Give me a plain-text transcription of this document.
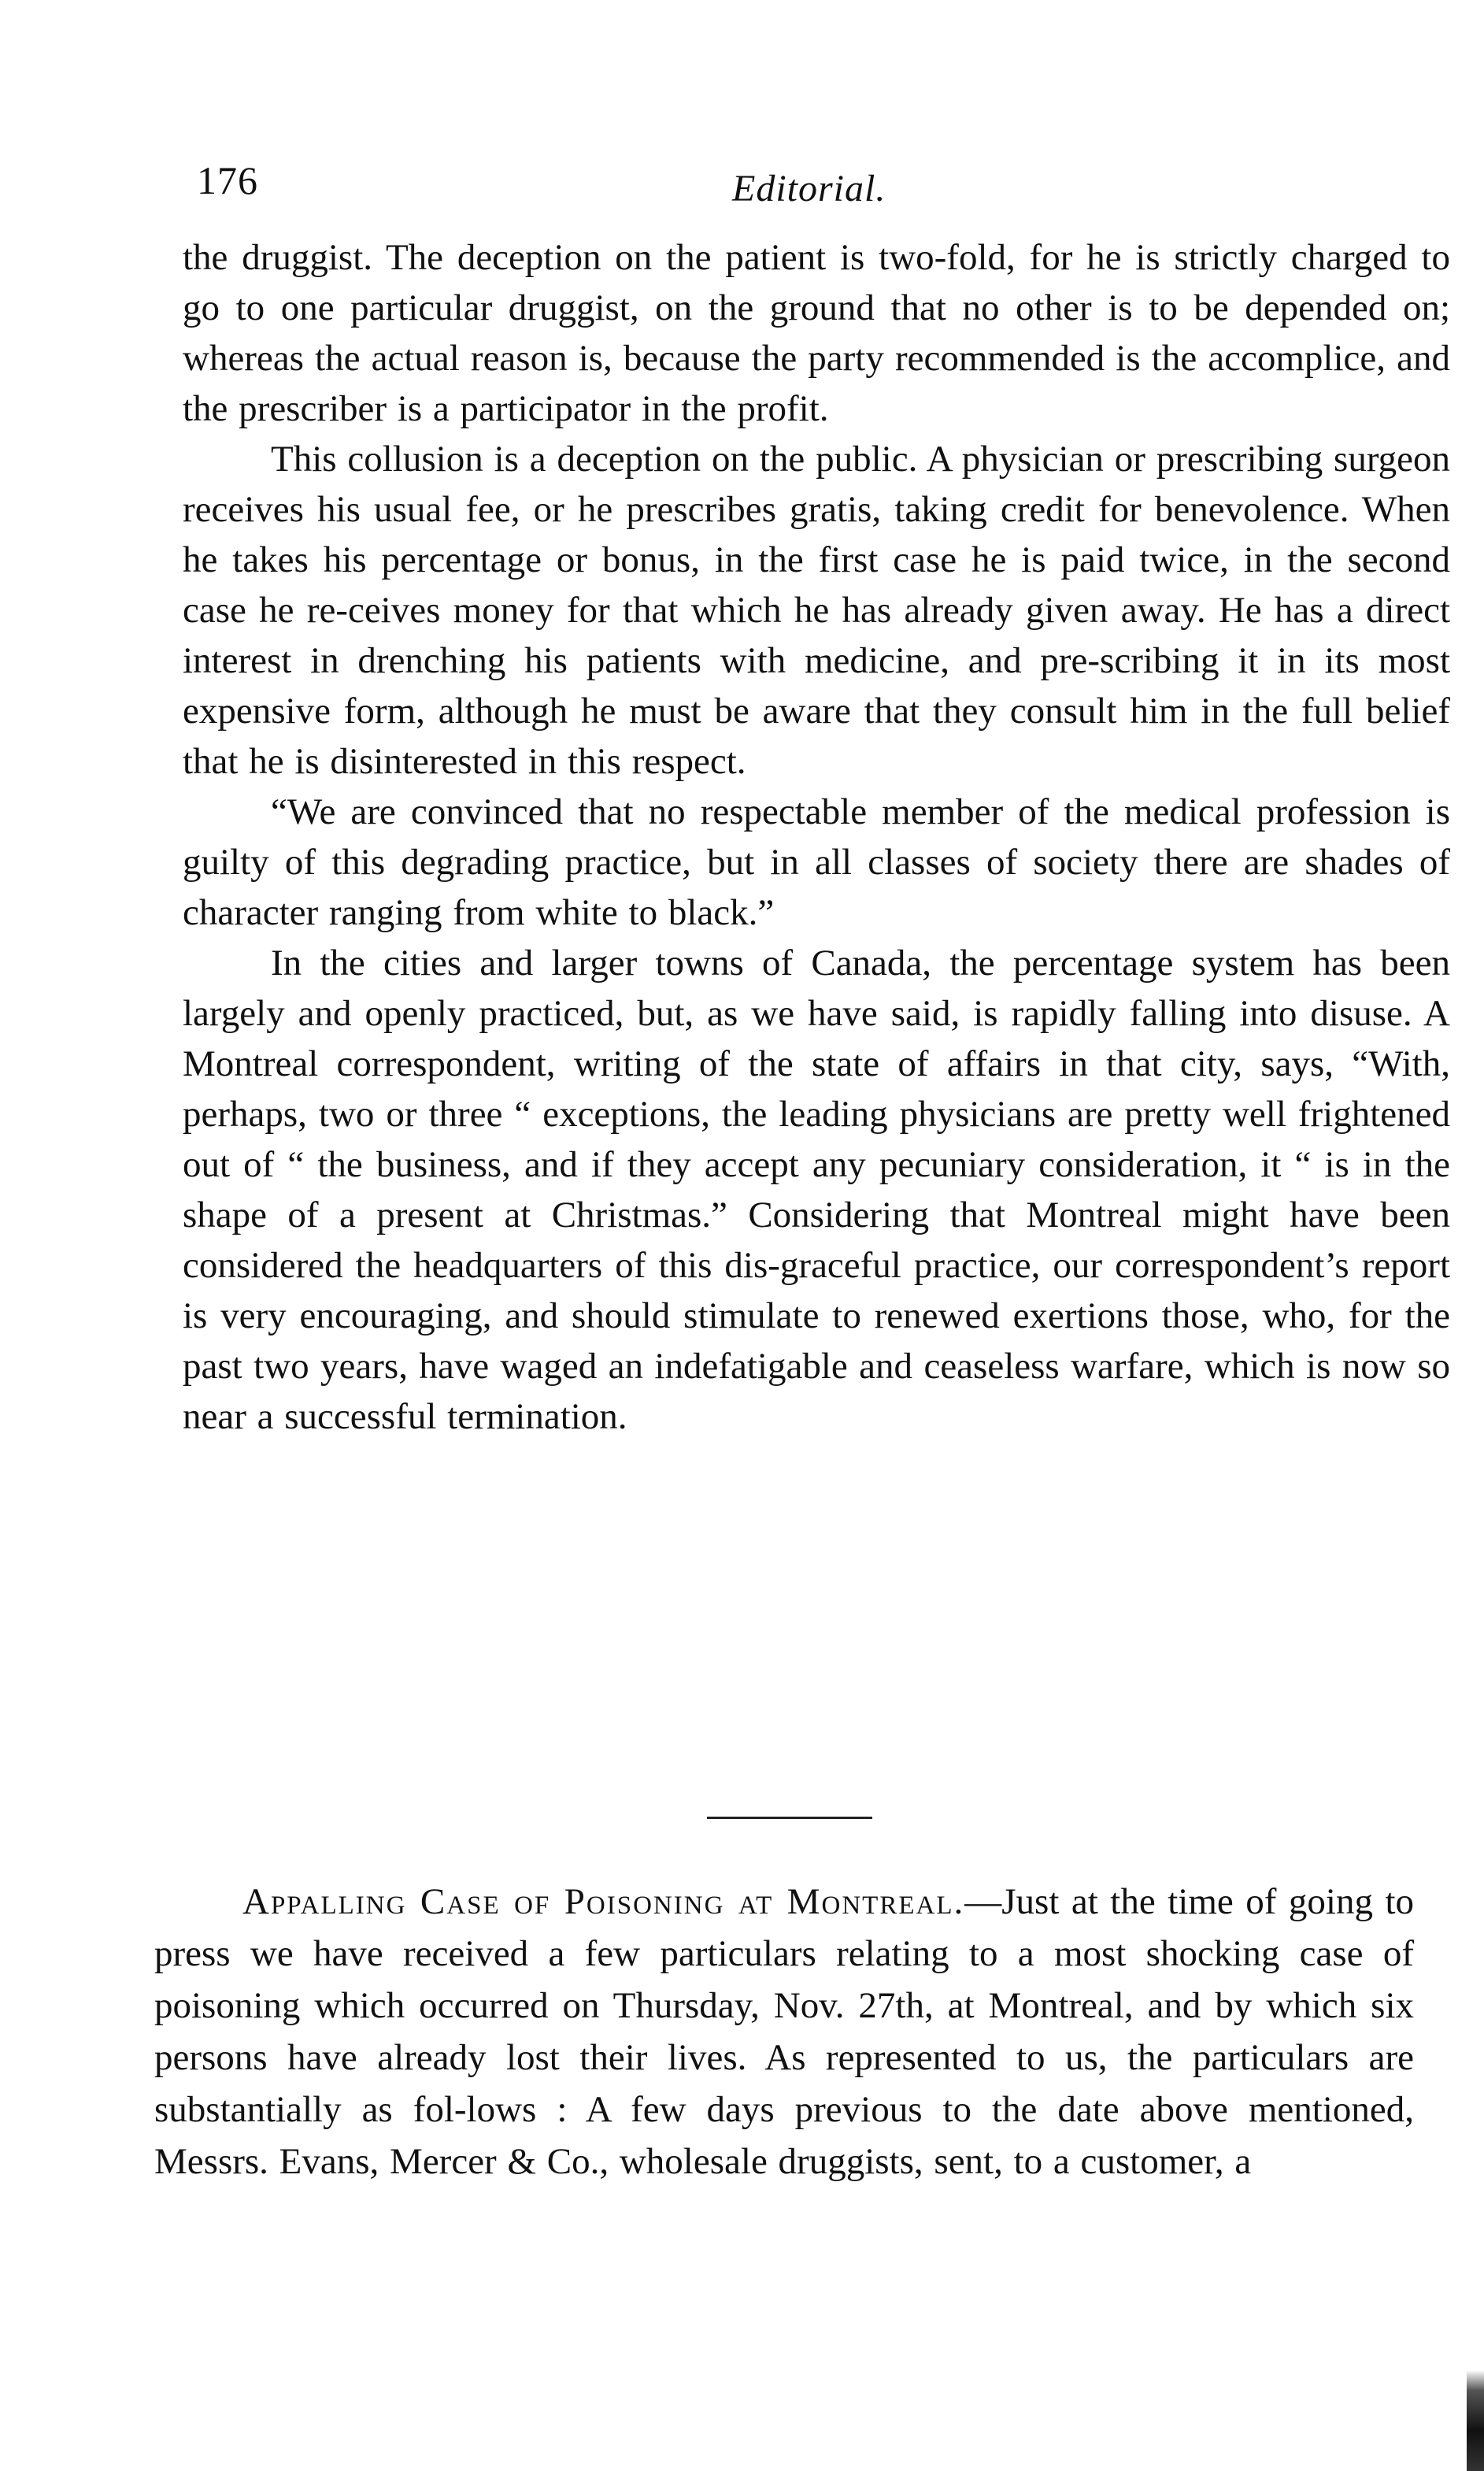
176	Editorial.

the druggist. The deception on the patient is two-fold, for he is strictly charged to go to one particular druggist, on the ground that no other is to be depended on; whereas the actual reason is, because the party recommended is the accomplice, and the prescriber is a participator in the profit.

This collusion is a deception on the public. A physician or prescribing surgeon receives his usual fee, or he prescribes gratis, taking credit for benevolence. When he takes his percentage or bonus, in the first case he is paid twice, in the second case he re-ceives money for that which he has already given away. He has a direct interest in drenching his patients with medicine, and pre-scribing it in its most expensive form, although he must be aware that they consult him in the full belief that he is disinterested in this respect.

“We are convinced that no respectable member of the medical profession is guilty of this degrading practice, but in all classes of society there are shades of character ranging from white to black.”

In the cities and larger towns of Canada, the percentage system has been largely and openly practiced, but, as we have said, is rapidly falling into disuse. A Montreal correspondent, writing of the state of affairs in that city, says, “With, perhaps, two or three “ exceptions, the leading physicians are pretty well frightened out of “ the business, and if they accept any pecuniary consideration, it “ is in the shape of a present at Christmas.” Considering that Montreal might have been considered the headquarters of this dis-graceful practice, our correspondent’s report is very encouraging, and should stimulate to renewed exertions those, who, for the past two years, have waged an indefatigable and ceaseless warfare, which is now so near a successful termination.

Appalling Case of Poisoning at Montreal.—Just at the time of going to press we have received a few particulars relating to a most shocking case of poisoning which occurred on Thursday, Nov. 27th, at Montreal, and by which six persons have already lost their lives. As represented to us, the particulars are substantially as fol-lows : A few days previous to the date above mentioned, Messrs. Evans, Mercer & Co., wholesale druggists, sent, to a customer, a
